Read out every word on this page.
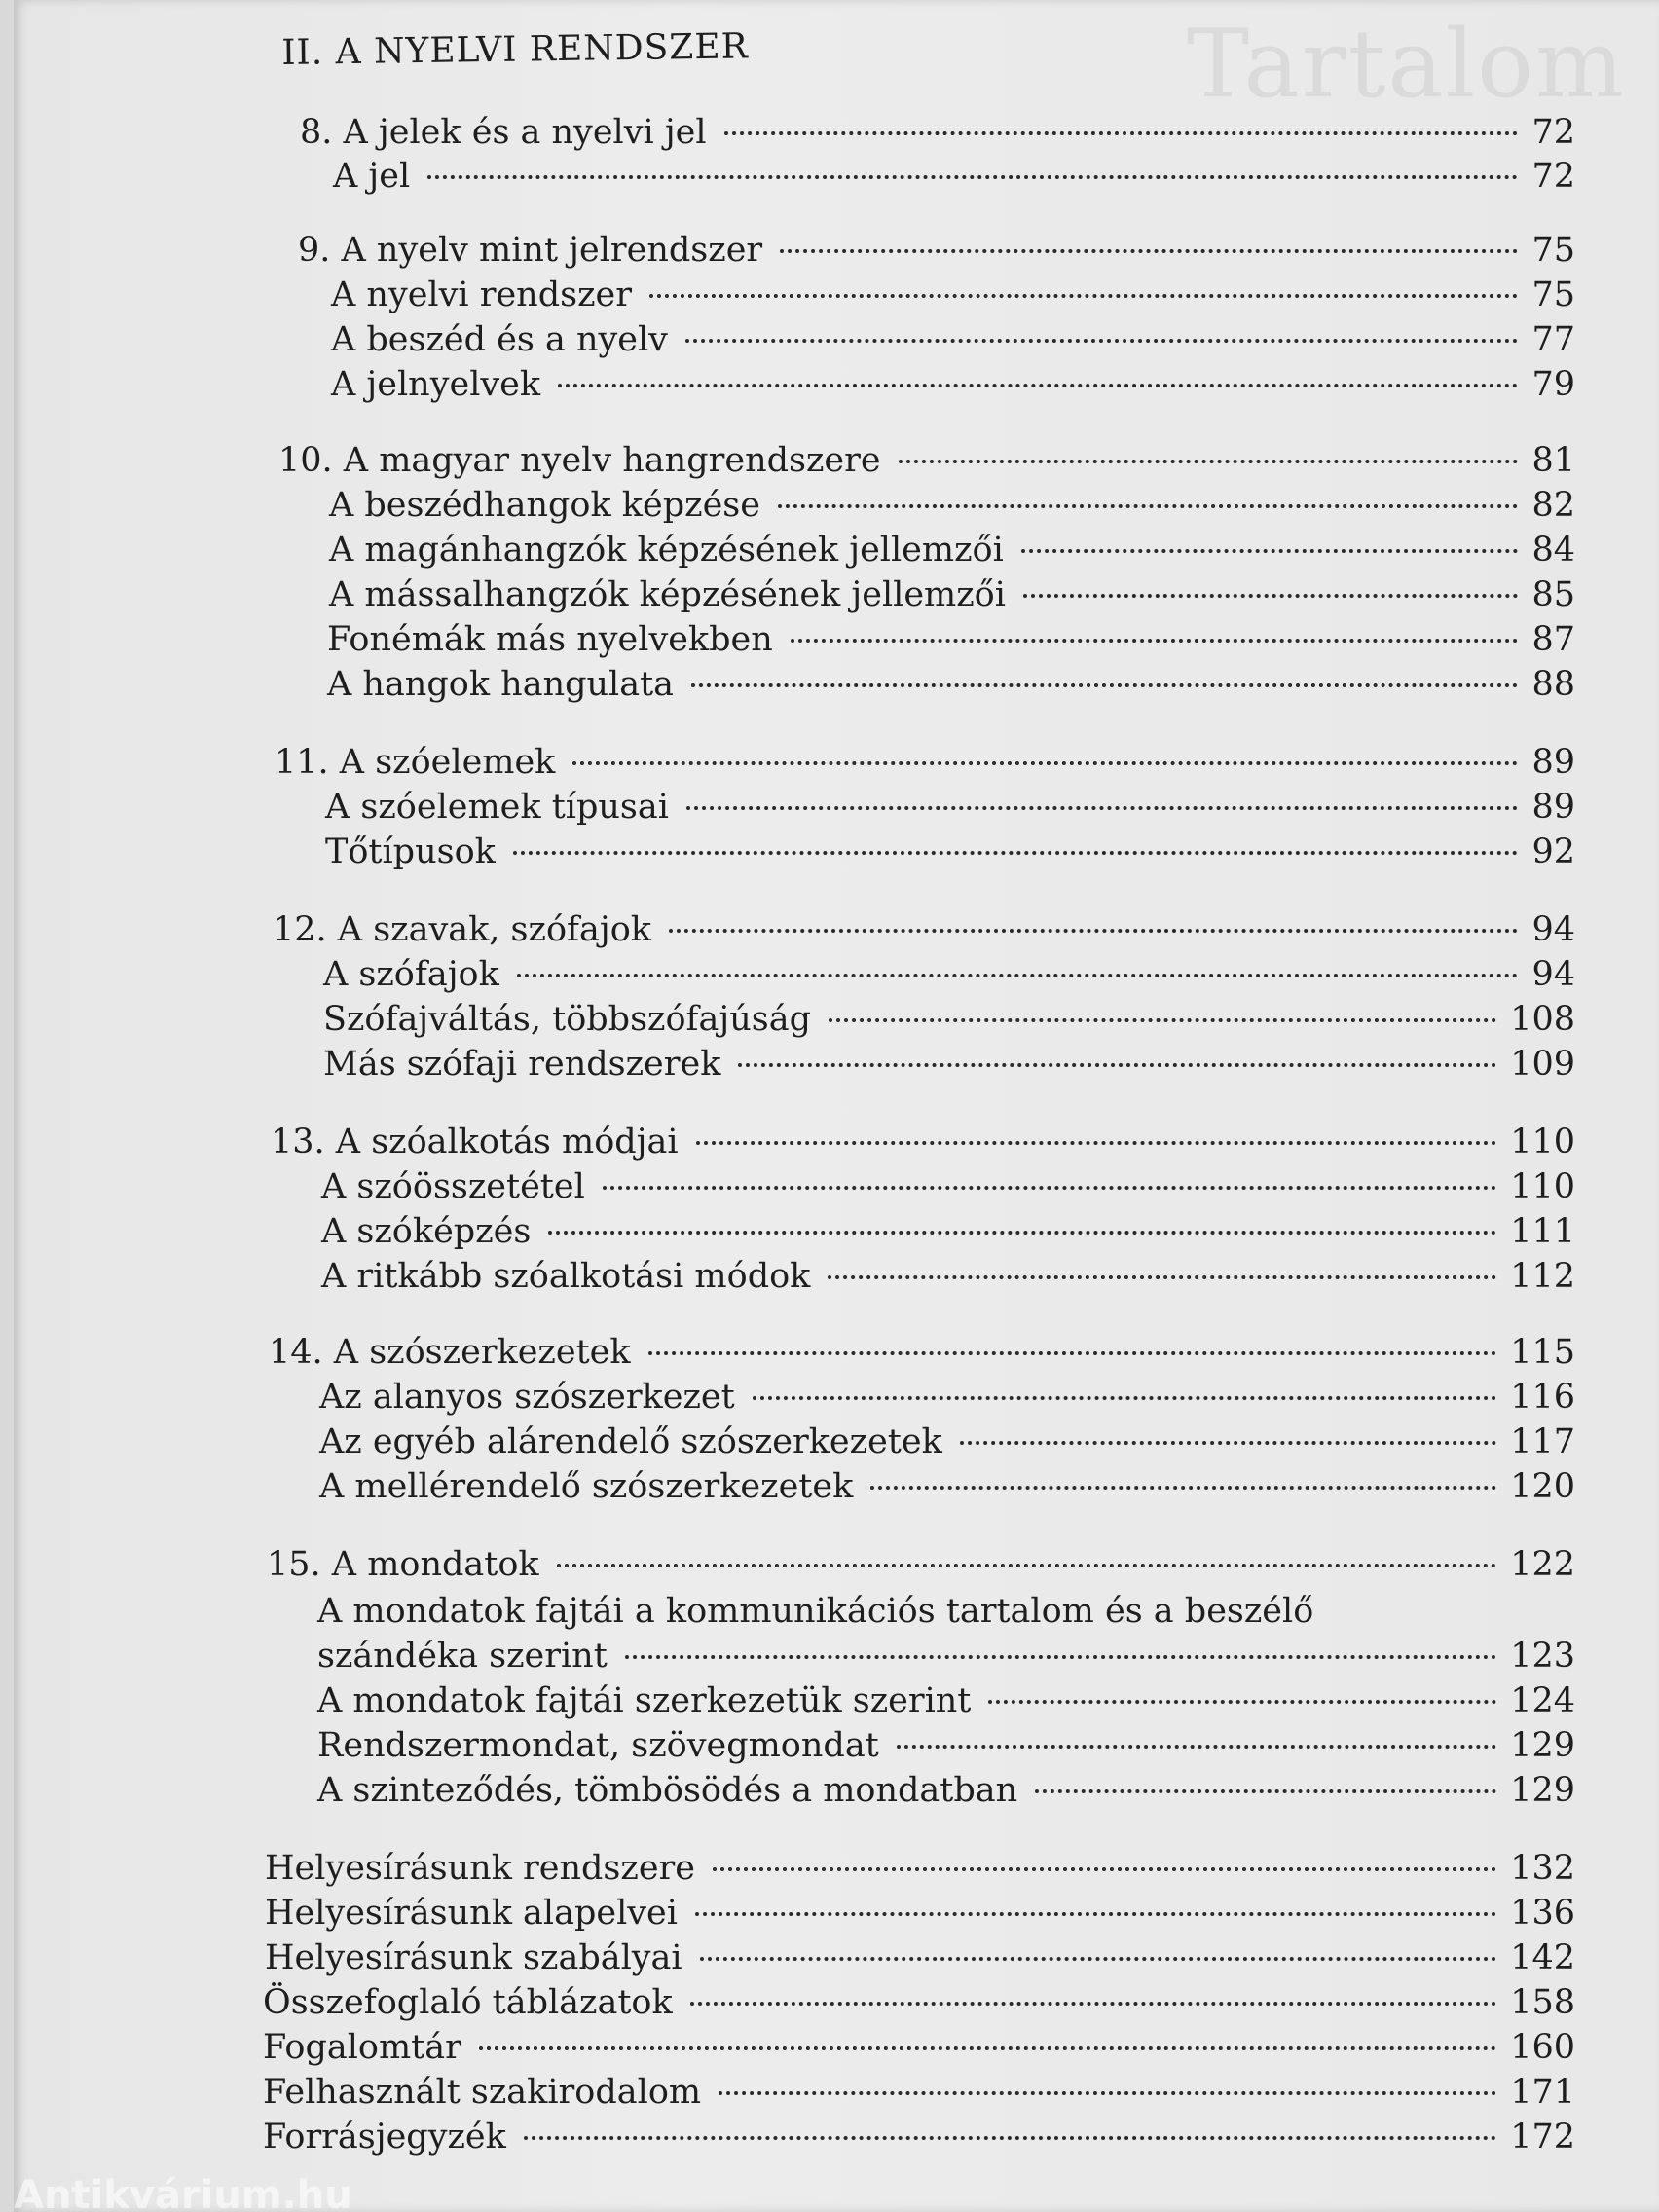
Tartalom
II. A NYELVI RENDSZER
8. A jelek és a nyelvi jel	72
A jel	72
9. A nyelv mint jelrendszer	75
A nyelvi rendszer	75
A beszéd és a nyelv	77
A jelnyelvek	79
10. A magyar nyelv hangrendszere	81
A beszédhangok képzése	82
A magánhangzók képzésének jellemzői	84
A mássalhangzók képzésének jellemzői	85
Fonémák más nyelvekben	87
A hangok hangulata	88
11. A szóelemek	89
A szóelemek típusai	89
Tőtípusok	92
12. A szavak, szófajok	94
A szófajok	94
Szófajváltás, többszófajúság	108
Más szófaji rendszerek	109
13. A szóalkotás módjai	110
A szóösszetétel	110
A szóképzés	111
A ritkább szóalkotási módok	112
14. A szószerkezetek	115
Az alanyos szószerkezet	116
Az egyéb alárendelő szószerkezetek	117
A mellérendelő szószerkezetek	120
15. A mondatok	122
A mondatok fajtái a kommunikációs tartalom és a beszélő
szándéka szerint	123
A mondatok fajtái szerkezetük szerint	124
Rendszermondat, szövegmondat	129
A szinteződés, tömbösödés a mondatban	129
Helyesírásunk rendszere	132
Helyesírásunk alapelvei	136
Helyesírásunk szabályai	142
Összefoglaló táblázatok	158
Fogalomtár	160
Felhasznált szakirodalom	171
Forrásjegyzék	172
Antikvárium.hu
